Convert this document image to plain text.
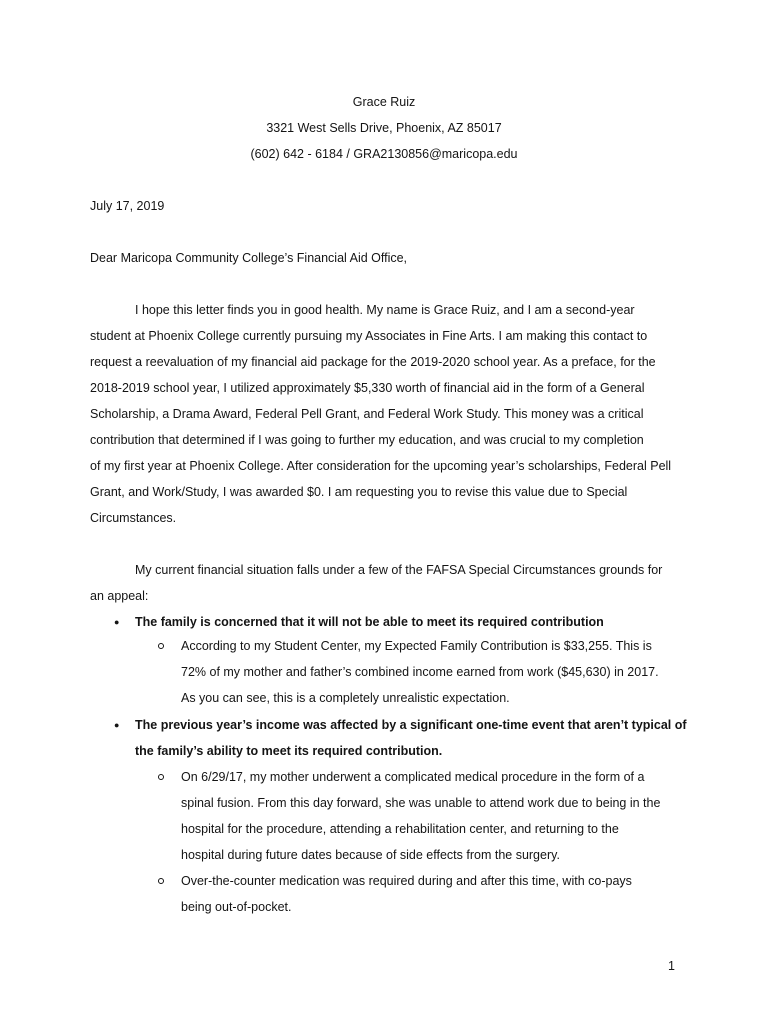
Grace Ruiz
3321 West Sells Drive, Phoenix, AZ 85017
(602) 642 - 6184 / GRA2130856@maricopa.edu
July 17, 2019
Dear Maricopa Community College’s Financial Aid Office,
I hope this letter finds you in good health. My name is Grace Ruiz, and I am a second-year
student at Phoenix College currently pursuing my Associates in Fine Arts. I am making this contact to
request a reevaluation of my financial aid package for the 2019-2020 school year. As a preface, for the
2018-2019 school year, I utilized approximately $5,330 worth of financial aid in the form of a General
Scholarship, a Drama Award, Federal Pell Grant, and Federal Work Study. This money was a critical
contribution that determined if I was going to further my education, and was crucial to my completion
of my first year at Phoenix College. After consideration for the upcoming year’s scholarships, Federal Pell
Grant, and Work/Study, I was awarded $0. I am requesting you to revise this value due to Special
Circumstances.
My current financial situation falls under a few of the FAFSA Special Circumstances grounds for
an appeal:
● The family is concerned that it will not be able to meet its required contribution
According to my Student Center, my Expected Family Contribution is $33,255. This is
72% of my mother and father’s combined income earned from work ($45,630) in 2017.
As you can see, this is a completely unrealistic expectation.
● The previous year’s income was affected by a significant one-time event that aren’t typical of
the family’s ability to meet its required contribution.
On 6/29/17, my mother underwent a complicated medical procedure in the form of a
spinal fusion. From this day forward, she was unable to attend work due to being in the
hospital for the procedure, attending a rehabilitation center, and returning to the
hospital during future dates because of side effects from the surgery.
Over-the-counter medication was required during and after this time, with co-pays
being out-of-pocket.
1
